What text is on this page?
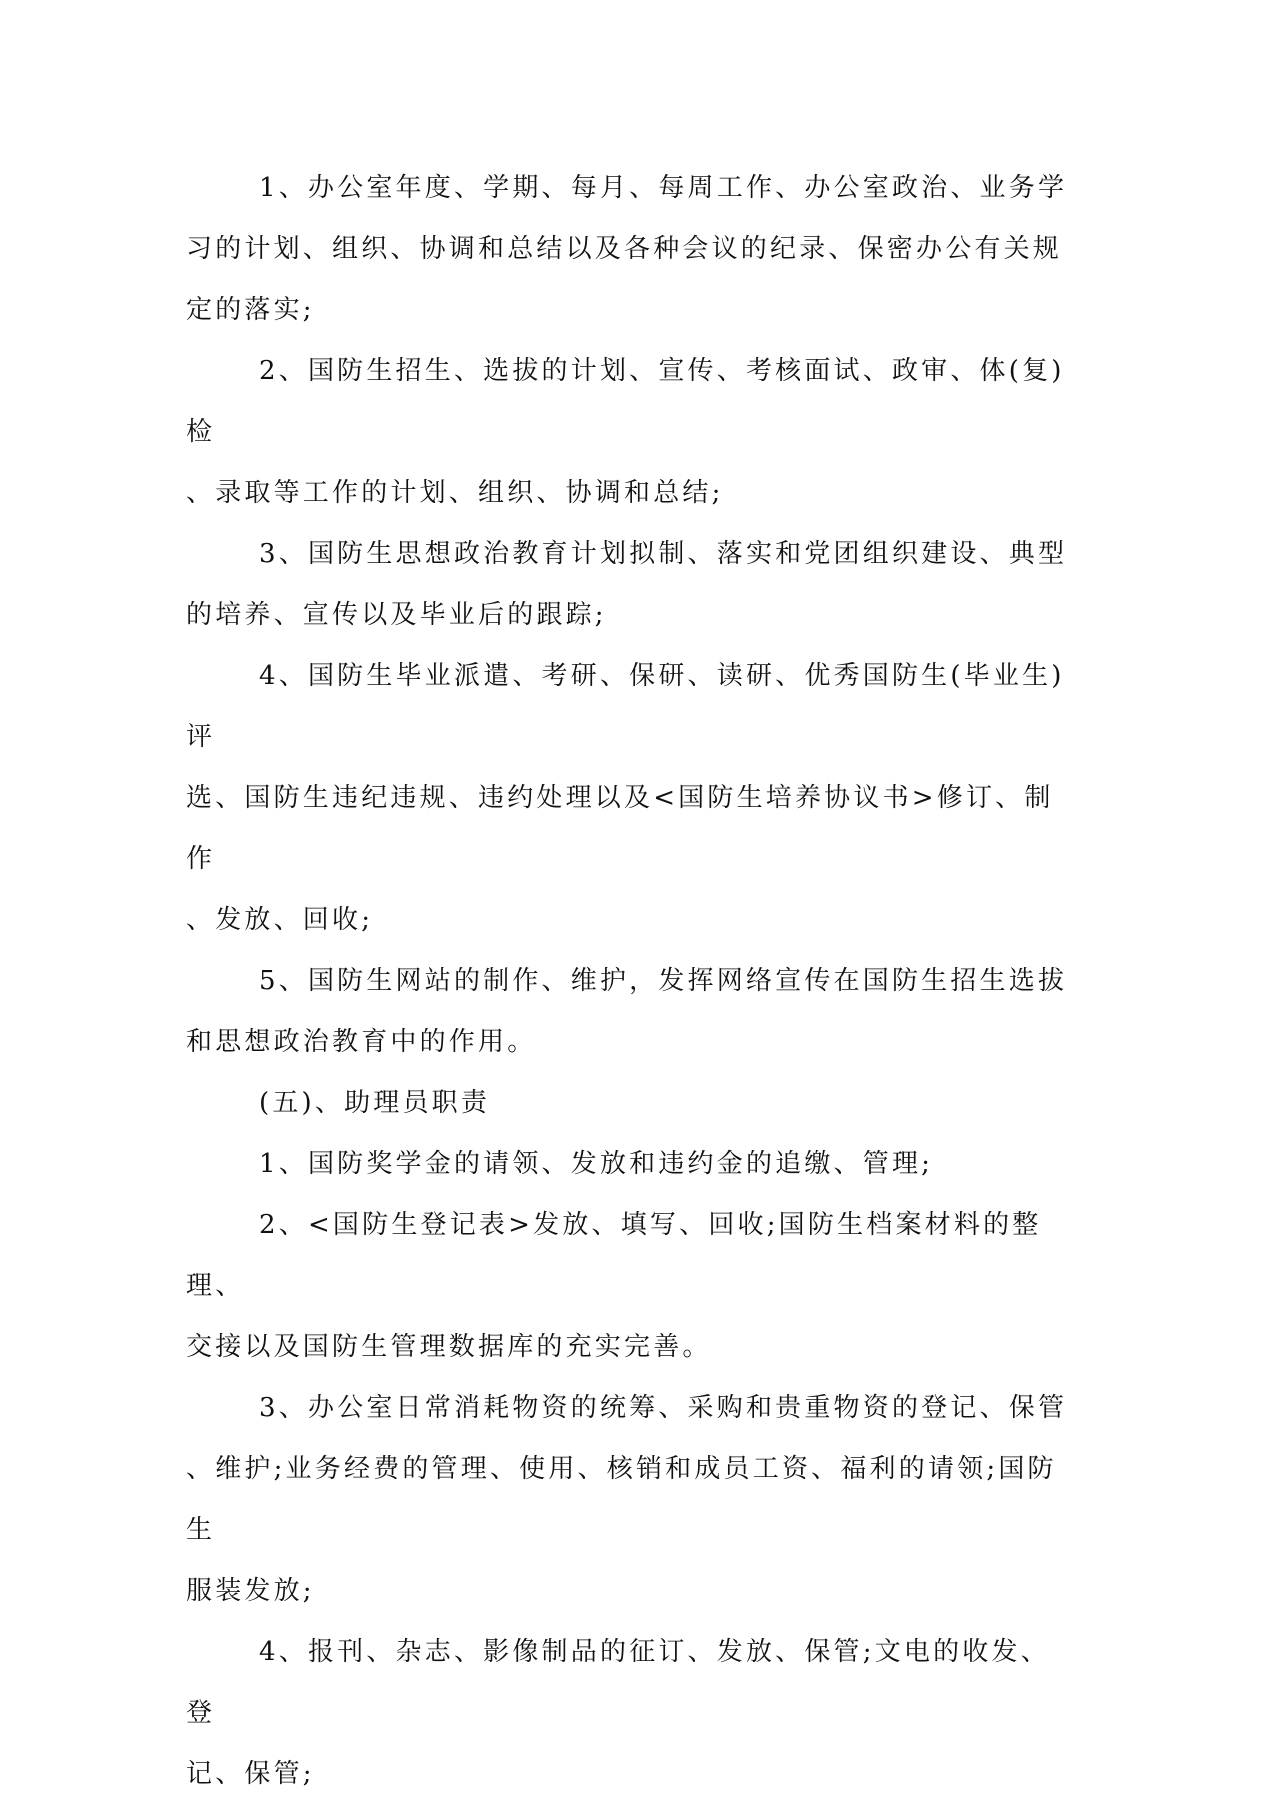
1、办公室年度、学期、每月、每周工作、办公室政治、业务学
习的计划、组织、协调和总结以及各种会议的纪录、保密办公有关规
定的落实;

2、国防生招生、选拔的计划、宣传、考核面试、政审、体(复)检
、录取等工作的计划、组织、协调和总结;

3、国防生思想政治教育计划拟制、落实和党团组织建设、典型
的培养、宣传以及毕业后的跟踪;

4、国防生毕业派遣、考研、保研、读研、优秀国防生(毕业生)评
选、国防生违纪违规、违约处理以及<国防生培养协议书>修订、制作
、发放、回收;

5、国防生网站的制作、维护，发挥网络宣传在国防生招生选拔
和思想政治教育中的作用。

(五)、助理员职责

1、国防奖学金的请领、发放和违约金的追缴、管理;

2、<国防生登记表>发放、填写、回收;国防生档案材料的整理、
交接以及国防生管理数据库的充实完善。

3、办公室日常消耗物资的统筹、采购和贵重物资的登记、保管
、维护;业务经费的管理、使用、核销和成员工资、福利的请领;国防生
服装发放;

4、报刊、杂志、影像制品的征订、发放、保管;文电的收发、登
记、保管;
